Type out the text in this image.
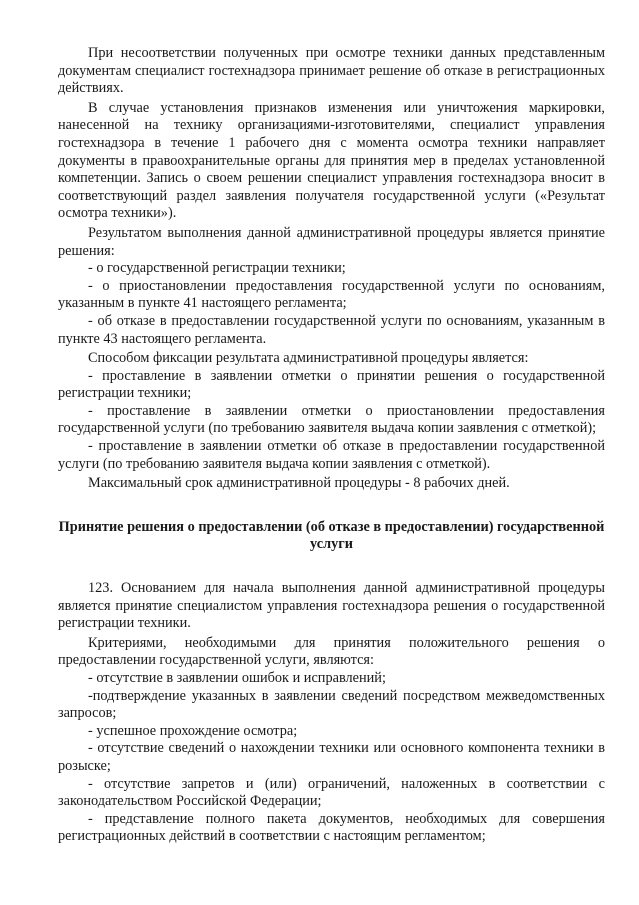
При несоответствии полученных при осмотре техники данных представленным документам специалист гостехнадзора принимает решение об отказе в регистрационных действиях.

В случае установления признаков изменения или уничтожения маркировки, нанесенной на технику организациями-изготовителями, специалист управления гостехнадзора в течение 1 рабочего дня с момента осмотра техники направляет документы в правоохранительные органы для принятия мер в пределах установленной компетенции. Запись о своем решении специалист управления гостехнадзора вносит в соответствующий раздел заявления получателя государственной услуги («Результат осмотра техники»).

Результатом выполнения данной административной процедуры является принятие решения:

- о государственной регистрации техники;

- о приостановлении предоставления государственной услуги по основаниям, указанным в пункте 41 настоящего регламента;

- об отказе в предоставлении государственной услуги по основаниям, указанным в пункте 43 настоящего регламента.

Способом фиксации результата административной процедуры является:

- проставление в заявлении отметки о принятии решения о государственной регистрации техники;

- проставление в заявлении отметки о приостановлении предоставления государственной услуги (по требованию заявителя выдача копии заявления с отметкой);

- проставление в заявлении отметки об отказе в предоставлении государственной услуги (по требованию заявителя выдача копии заявления с отметкой).

Максимальный срок административной процедуры - 8 рабочих дней.

Принятие решения о предоставлении (об отказе в предоставлении) государственной услуги

123. Основанием для начала выполнения данной административной процедуры является принятие специалистом управления гостехнадзора решения о государственной регистрации техники.

Критериями, необходимыми для принятия положительного решения о предоставлении государственной услуги, являются:

- отсутствие в заявлении ошибок и исправлений;

-подтверждение указанных в заявлении сведений посредством межведомственных запросов;

- успешное прохождение осмотра;

- отсутствие сведений о нахождении техники или основного компонента техники в розыске;

- отсутствие запретов и (или) ограничений, наложенных в соответствии с законодательством Российской Федерации;

- представление полного пакета документов, необходимых для совершения регистрационных действий в соответствии с настоящим регламентом;
